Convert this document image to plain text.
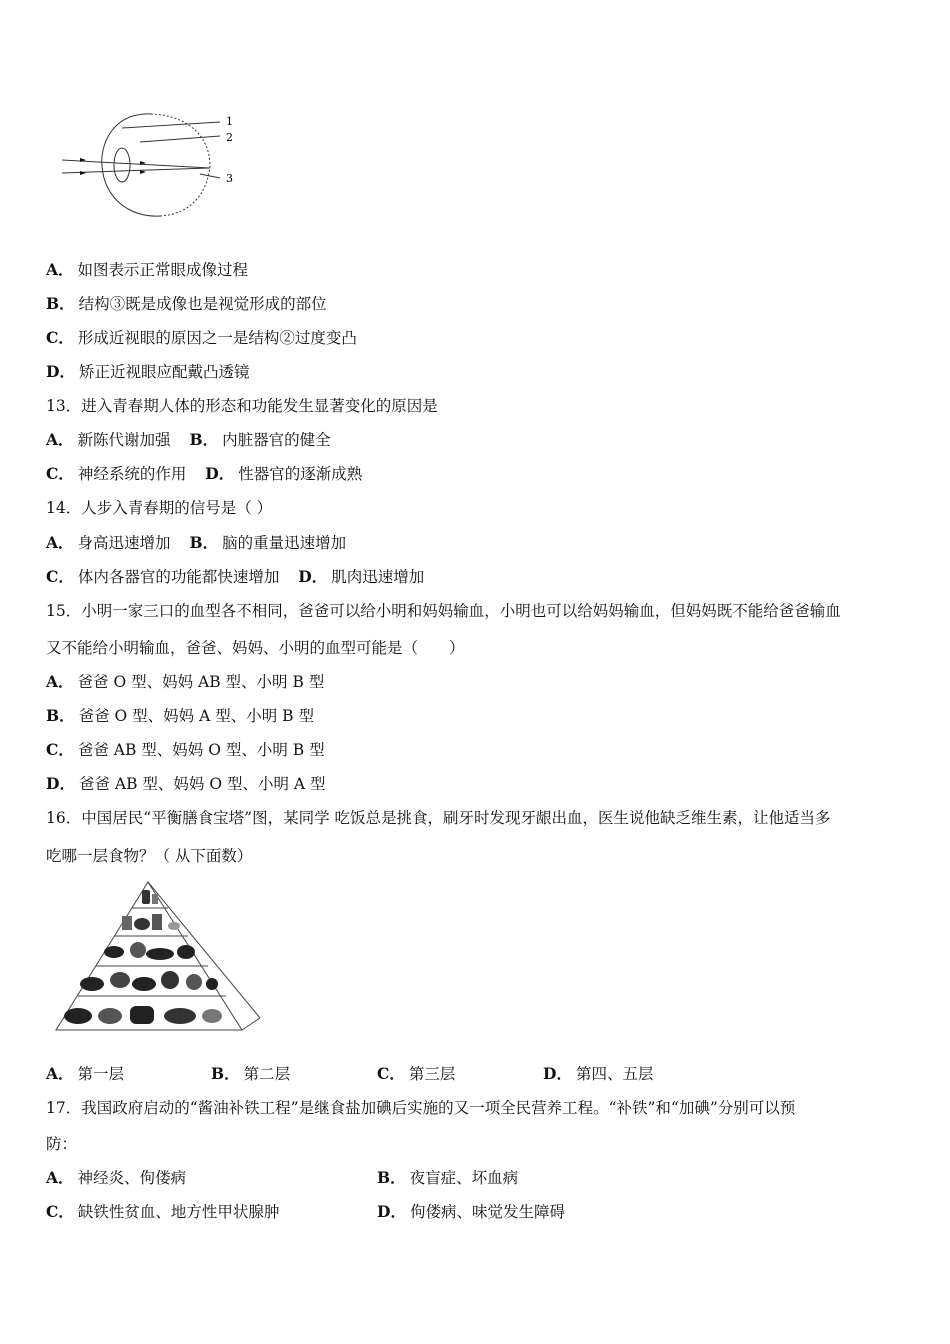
1
2
3
A． 如图表示正常眼成像过程
B． 结构③既是成像也是视觉形成的部位
C． 形成近视眼的原因之一是结构②过度变凸
D． 矫正近视眼应配戴凸透镜
13．进入青春期人体的形态和功能发生显著变化的原因是
A． 新陈代谢加强 B． 内脏器官的健全
C． 神经系统的作用 D． 性器官的逐渐成熟
14．人步入青春期的信号是（ ）
A． 身高迅速增加 B． 脑的重量迅速增加
C． 体内各器官的功能都快速增加 D． 肌肉迅速增加
15．小明一家三口的血型各不相同，爸爸可以给小明和妈妈输血，小明也可以给妈妈输血，但妈妈既不能给爸爸输血
又不能给小明输血，爸爸、妈妈、小明的血型可能是（　　）
A． 爸爸 O 型、妈妈 AB 型、小明 B 型
B． 爸爸 O 型、妈妈 A 型、小明 B 型
C． 爸爸 AB 型、妈妈 O 型、小明 B 型
D． 爸爸 AB 型、妈妈 O 型、小明 A 型
16．中国居民“平衡膳食宝塔”图，某同学 吃饭总是挑食，刷牙时发现牙龈出血，医生说他缺乏维生素，让他适当多
吃哪一层食物？（ 从下面数）
A． 第一层	B． 第二层	C． 第三层	D． 第四、五层
17．我国政府启动的“酱油补铁工程”是继食盐加碘后实施的又一项全民营养工程。“补铁”和“加碘”分别可以预
防：
A． 神经炎、佝偻病	B． 夜盲症、坏血病
C． 缺铁性贫血、地方性甲状腺肿	D． 佝偻病、味觉发生障碍
